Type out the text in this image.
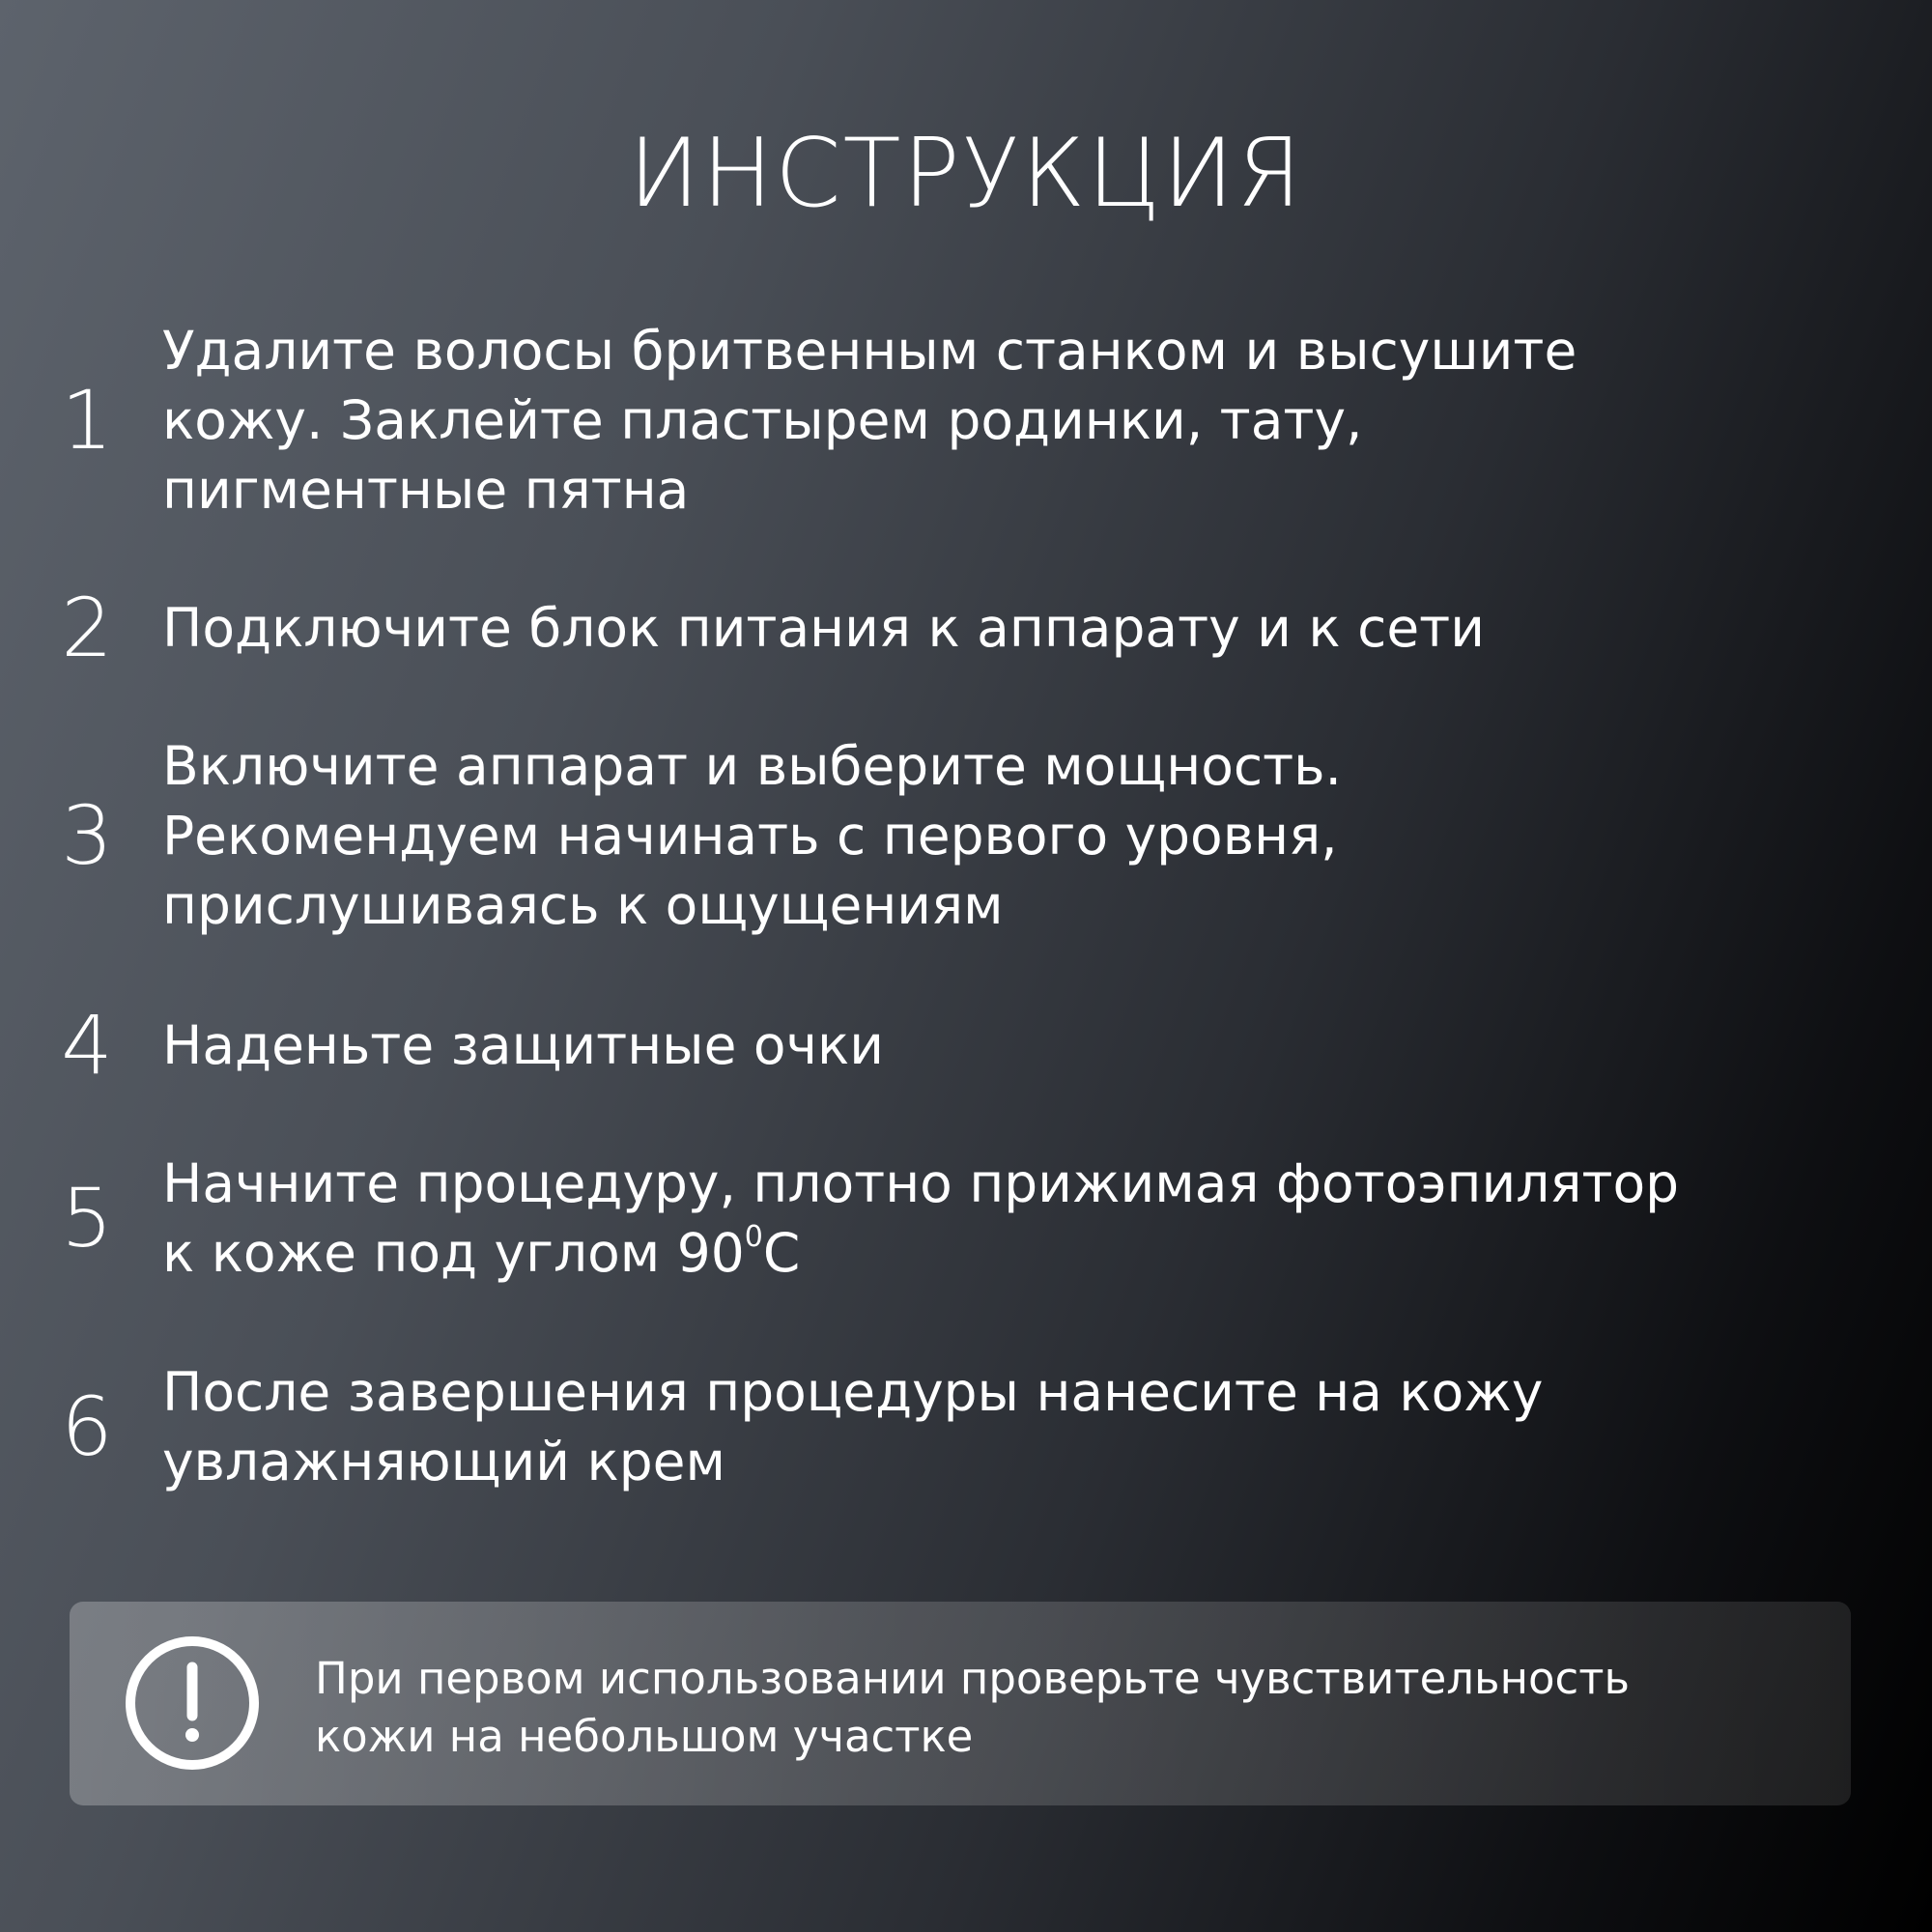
ИНСТРУКЦИЯ
1
Удалите волосы бритвенным станком и высушите
кожу. Заклейте пластырем родинки, тату,
пигментные пятна
2 Подключите блок питания к аппарату и к сети
3
Включите аппарат и выберите мощность.
Рекомендуем начинать с первого уровня,
прислушиваясь к ощущениям
4 Наденьте защитные очки
5 Начните процедуру, плотно прижимая фотоэпилятор
к коже под углом $90^0С$
6 После завершения процедуры нанесите на кожу
увлажняющий крем
При первом использовании проверьте чувствительность
кожи на небольшом участке
